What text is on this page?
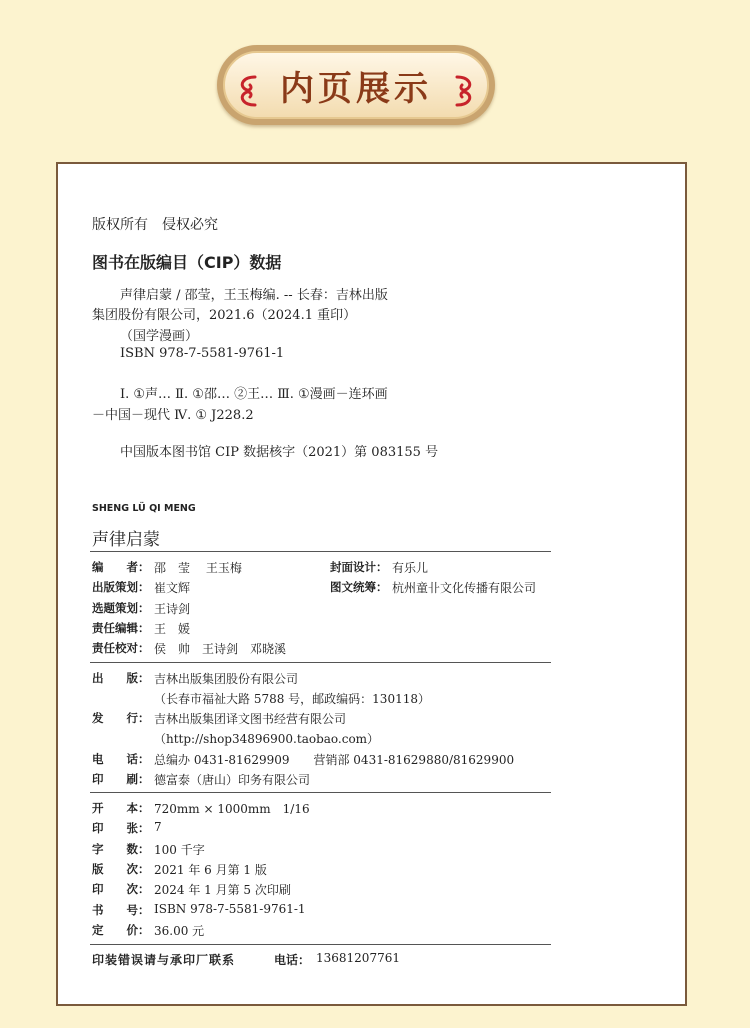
内页展示
版权所有　侵权必究
图书在版编目（CIP）数据
声律启蒙 / 邵莹，王玉梅编. -- 长春：吉林出版
集团股份有限公司，2021.6（2024.1 重印）
（国学漫画）
ISBN 978-7-5581-9761-1
Ⅰ. ①声… Ⅱ. ①邵… ②王… Ⅲ. ①漫画－连环画
－中国－现代 Ⅳ. ① J228.2
中国版本图书馆 CIP 数据核字（2021）第 083155 号
SHENG LÜ QI MENG
声律启蒙
编　　者： 邵　莹　 王玉梅
出版策划： 崔文辉
选题策划： 王诗剑
责任编辑： 王　媛
责任校对： 侯　帅　王诗剑　邓晓溪
封面设计： 有乐儿
图文统筹： 杭州童卝文化传播有限公司
出　　版： 吉林出版集团股份有限公司
（长春市福祉大路 5788 号，邮政编码：130118）
发　　行： 吉林出版集团译文图书经营有限公司
（http://shop34896900.taobao.com）
电　　话： 总编办 0431-81629909　　营销部 0431-81629880/81629900
印　　刷： 德富泰（唐山）印务有限公司
开　　本： 720mm × 1000mm　1/16
印　　张： 7
字　　数： 100 千字
版　　次： 2021 年 6 月第 1 版
印　　次： 2024 年 1 月第 5 次印刷
书　　号： ISBN 978-7-5581-9761-1
定　　价： 36.00 元
印装错误请与承印厂联系	电话： 13681207761
